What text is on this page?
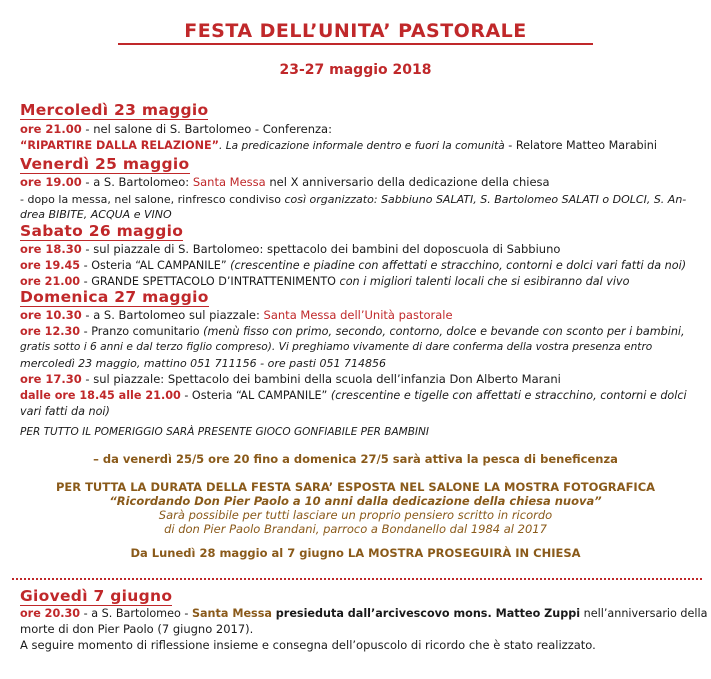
FESTA DELL’UNITA’ PASTORALE
23-27 maggio 2018
Mercoledì 23 maggio
ore 21.00 - nel salone di S. Bartolomeo - Conferenza:
“RIPARTIRE DALLA RELAZIONE”. La predicazione informale dentro e fuori la comunità - Relatore Matteo Marabini
Venerdì 25 maggio
ore 19.00 - a S. Bartolomeo: Santa Messa nel X anniversario della dedicazione della chiesa
- dopo la messa, nel salone, rinfresco condiviso così organizzato: Sabbiuno SALATI, S. Bartolomeo SALATI o DOLCI, S. An-
drea BIBITE, ACQUA e VINO
Sabato 26 maggio
ore 18.30 - sul piazzale di S. Bartolomeo: spettacolo dei bambini del doposcuola di Sabbiuno
ore 19.45 - Osteria “AL CAMPANILE” (crescentine e piadine con affettati e stracchino, contorni e dolci vari fatti da noi)
ore 21.00 - GRANDE SPETTACOLO D’INTRATTENIMENTO con i migliori talenti locali che si esibiranno dal vivo
Domenica 27 maggio
ore 10.30 - a S. Bartolomeo sul piazzale: Santa Messa dell’Unità pastorale
ore 12.30 - Pranzo comunitario (menù fisso con primo, secondo, contorno, dolce e bevande con sconto per i bambini,
gratis sotto i 6 anni e dal terzo figlio compreso). Vi preghiamo vivamente di dare conferma della vostra presenza entro
mercoledì 23 maggio, mattino 051 711156 - ore pasti 051 714856
ore 17.30 - sul piazzale: Spettacolo dei bambini della scuola dell’infanzia Don Alberto Marani
dalle ore 18.45 alle 21.00 - Osteria “AL CAMPANILE” (crescentine e tigelle con affettati e stracchino, contorni e dolci
vari fatti da noi)
PER TUTTO IL POMERIGGIO SARÀ PRESENTE GIOCO GONFIABILE PER BAMBINI
– da venerdì 25/5 ore 20 fino a domenica 27/5 sarà attiva la pesca di beneficenza
PER TUTTA LA DURATA DELLA FESTA SARA’ ESPOSTA NEL SALONE LA MOSTRA FOTOGRAFICA
“Ricordando Don Pier Paolo a 10 anni dalla dedicazione della chiesa nuova”
Sarà possibile per tutti lasciare un proprio pensiero scritto in ricordo
di don Pier Paolo Brandani, parroco a Bondanello dal 1984 al 2017
Da Lunedì 28 maggio al 7 giugno LA MOSTRA PROSEGUIRÀ IN CHIESA
Giovedì 7 giugno
ore 20.30 - a S. Bartolomeo - Santa Messa presieduta dall’arcivescovo mons. Matteo Zuppi nell’anniversario della
morte di don Pier Paolo (7 giugno 2017).
A seguire momento di riflessione insieme e consegna dell’opuscolo di ricordo che è stato realizzato.
